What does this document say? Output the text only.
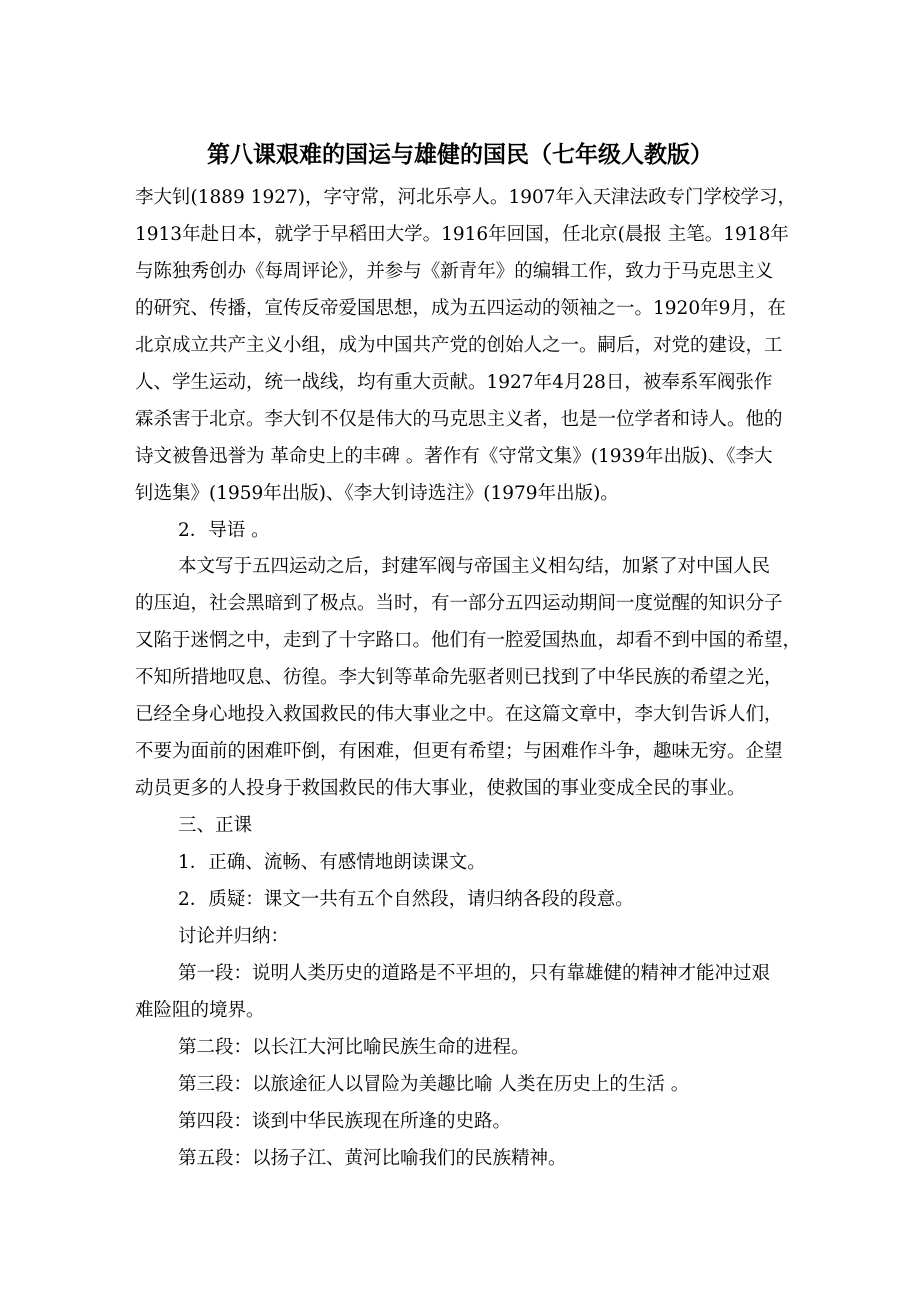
第八课艰难的国运与雄健的国民（七年级人教版）
李大钊(1889 1927)，字守常，河北乐亭人。1907年入天津法政专门学校学习，
1913年赴日本，就学于早稻田大学。1916年回国，任北京(晨报 主笔。1918年
与陈独秀创办《每周评论》，并参与《新青年》的编辑工作，致力于马克思主义
的研究、传播，宣传反帝爱国思想，成为五四运动的领袖之一。1920年9月，在
北京成立共产主义小组，成为中国共产党的创始人之一。嗣后，对党的建设，工
人、学生运动，统一战线，均有重大贡献。1927年4月28日，被奉系军阀张作
霖杀害于北京。李大钊不仅是伟大的马克思主义者，也是一位学者和诗人。他的
诗文被鲁迅誉为 革命史上的丰碑 。著作有《守常文集》(1939年出版)、《李大
钊选集》(1959年出版)、《李大钊诗选注》(1979年出版)。
2．导语 。
本文写于五四运动之后，封建军阀与帝国主义相勾结，加紧了对中国人民
的压迫，社会黑暗到了极点。当时，有一部分五四运动期间一度觉醒的知识分子
又陷于迷惘之中，走到了十字路口。他们有一腔爱国热血，却看不到中国的希望，
不知所措地叹息、彷徨。李大钊等革命先驱者则已找到了中华民族的希望之光，
已经全身心地投入救国救民的伟大事业之中。在这篇文章中，李大钊告诉人们，
不要为面前的困难吓倒，有困难，但更有希望；与困难作斗争，趣味无穷。企望
动员更多的人投身于救国救民的伟大事业，使救国的事业变成全民的事业。
三、正课
1．正确、流畅、有感情地朗读课文。
2．质疑：课文一共有五个自然段，请归纳各段的段意。
讨论并归纳：
第一段：说明人类历史的道路是不平坦的，只有靠雄健的精神才能冲过艰
难险阻的境界。
第二段：以长江大河比喻民族生命的进程。
第三段：以旅途征人以冒险为美趣比喻 人类在历史上的生活 。
第四段：谈到中华民族现在所逢的史路。
第五段：以扬子江、黄河比喻我们的民族精神。
